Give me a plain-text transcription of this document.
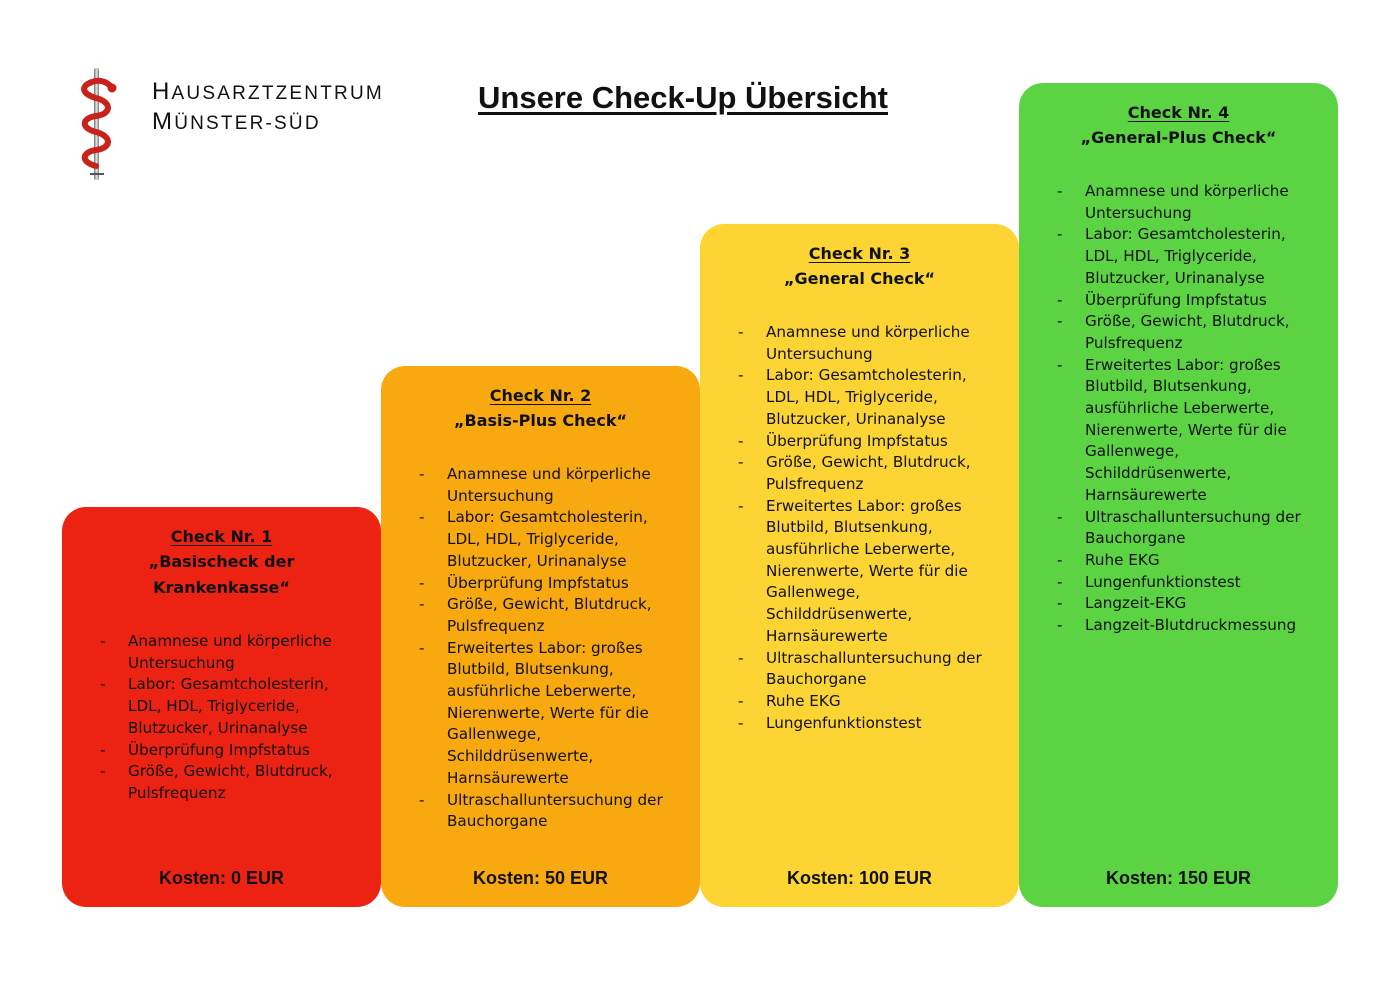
HAUSARZTZENTRUM
MÜNSTER-SÜD
Unsere Check-Up Übersicht
Check Nr. 1
„Basischeck der Krankenkasse“
- Anamnese und körperliche Untersuchung
- Labor: Gesamtcholesterin, LDL, HDL, Triglyceride, Blutzucker, Urinanalyse
- Überprüfung Impfstatus
- Größe, Gewicht, Blutdruck, Pulsfrequenz
Kosten: 0 EUR
Check Nr. 2
„Basis-Plus Check“
- Anamnese und körperliche Untersuchung
- Labor: Gesamtcholesterin, LDL, HDL, Triglyceride, Blutzucker, Urinanalyse
- Überprüfung Impfstatus
- Größe, Gewicht, Blutdruck, Pulsfrequenz
- Erweitertes Labor: großes Blutbild, Blutsenkung, ausführliche Leberwerte, Nierenwerte, Werte für die Gallenwege, Schilddrüsenwerte, Harnsäurewerte
- Ultraschalluntersuchung der Bauchorgane
Kosten: 50 EUR
Check Nr. 3
„General Check“
- Anamnese und körperliche Untersuchung
- Labor: Gesamtcholesterin, LDL, HDL, Triglyceride, Blutzucker, Urinanalyse
- Überprüfung Impfstatus
- Größe, Gewicht, Blutdruck, Pulsfrequenz
- Erweitertes Labor: großes Blutbild, Blutsenkung, ausführliche Leberwerte, Nierenwerte, Werte für die Gallenwege, Schilddrüsenwerte, Harnsäurewerte
- Ultraschalluntersuchung der Bauchorgane
- Ruhe EKG
- Lungenfunktionstest
Kosten: 100 EUR
Check Nr. 4
„General-Plus Check“
- Anamnese und körperliche Untersuchung
- Labor: Gesamtcholesterin, LDL, HDL, Triglyceride, Blutzucker, Urinanalyse
- Überprüfung Impfstatus
- Größe, Gewicht, Blutdruck, Pulsfrequenz
- Erweitertes Labor: großes Blutbild, Blutsenkung, ausführliche Leberwerte, Nierenwerte, Werte für die Gallenwege, Schilddrüsenwerte, Harnsäurewerte
- Ultraschalluntersuchung der Bauchorgane
- Ruhe EKG
- Lungenfunktionstest
- Langzeit-EKG
- Langzeit-Blutdruckmessung
Kosten: 150 EUR
